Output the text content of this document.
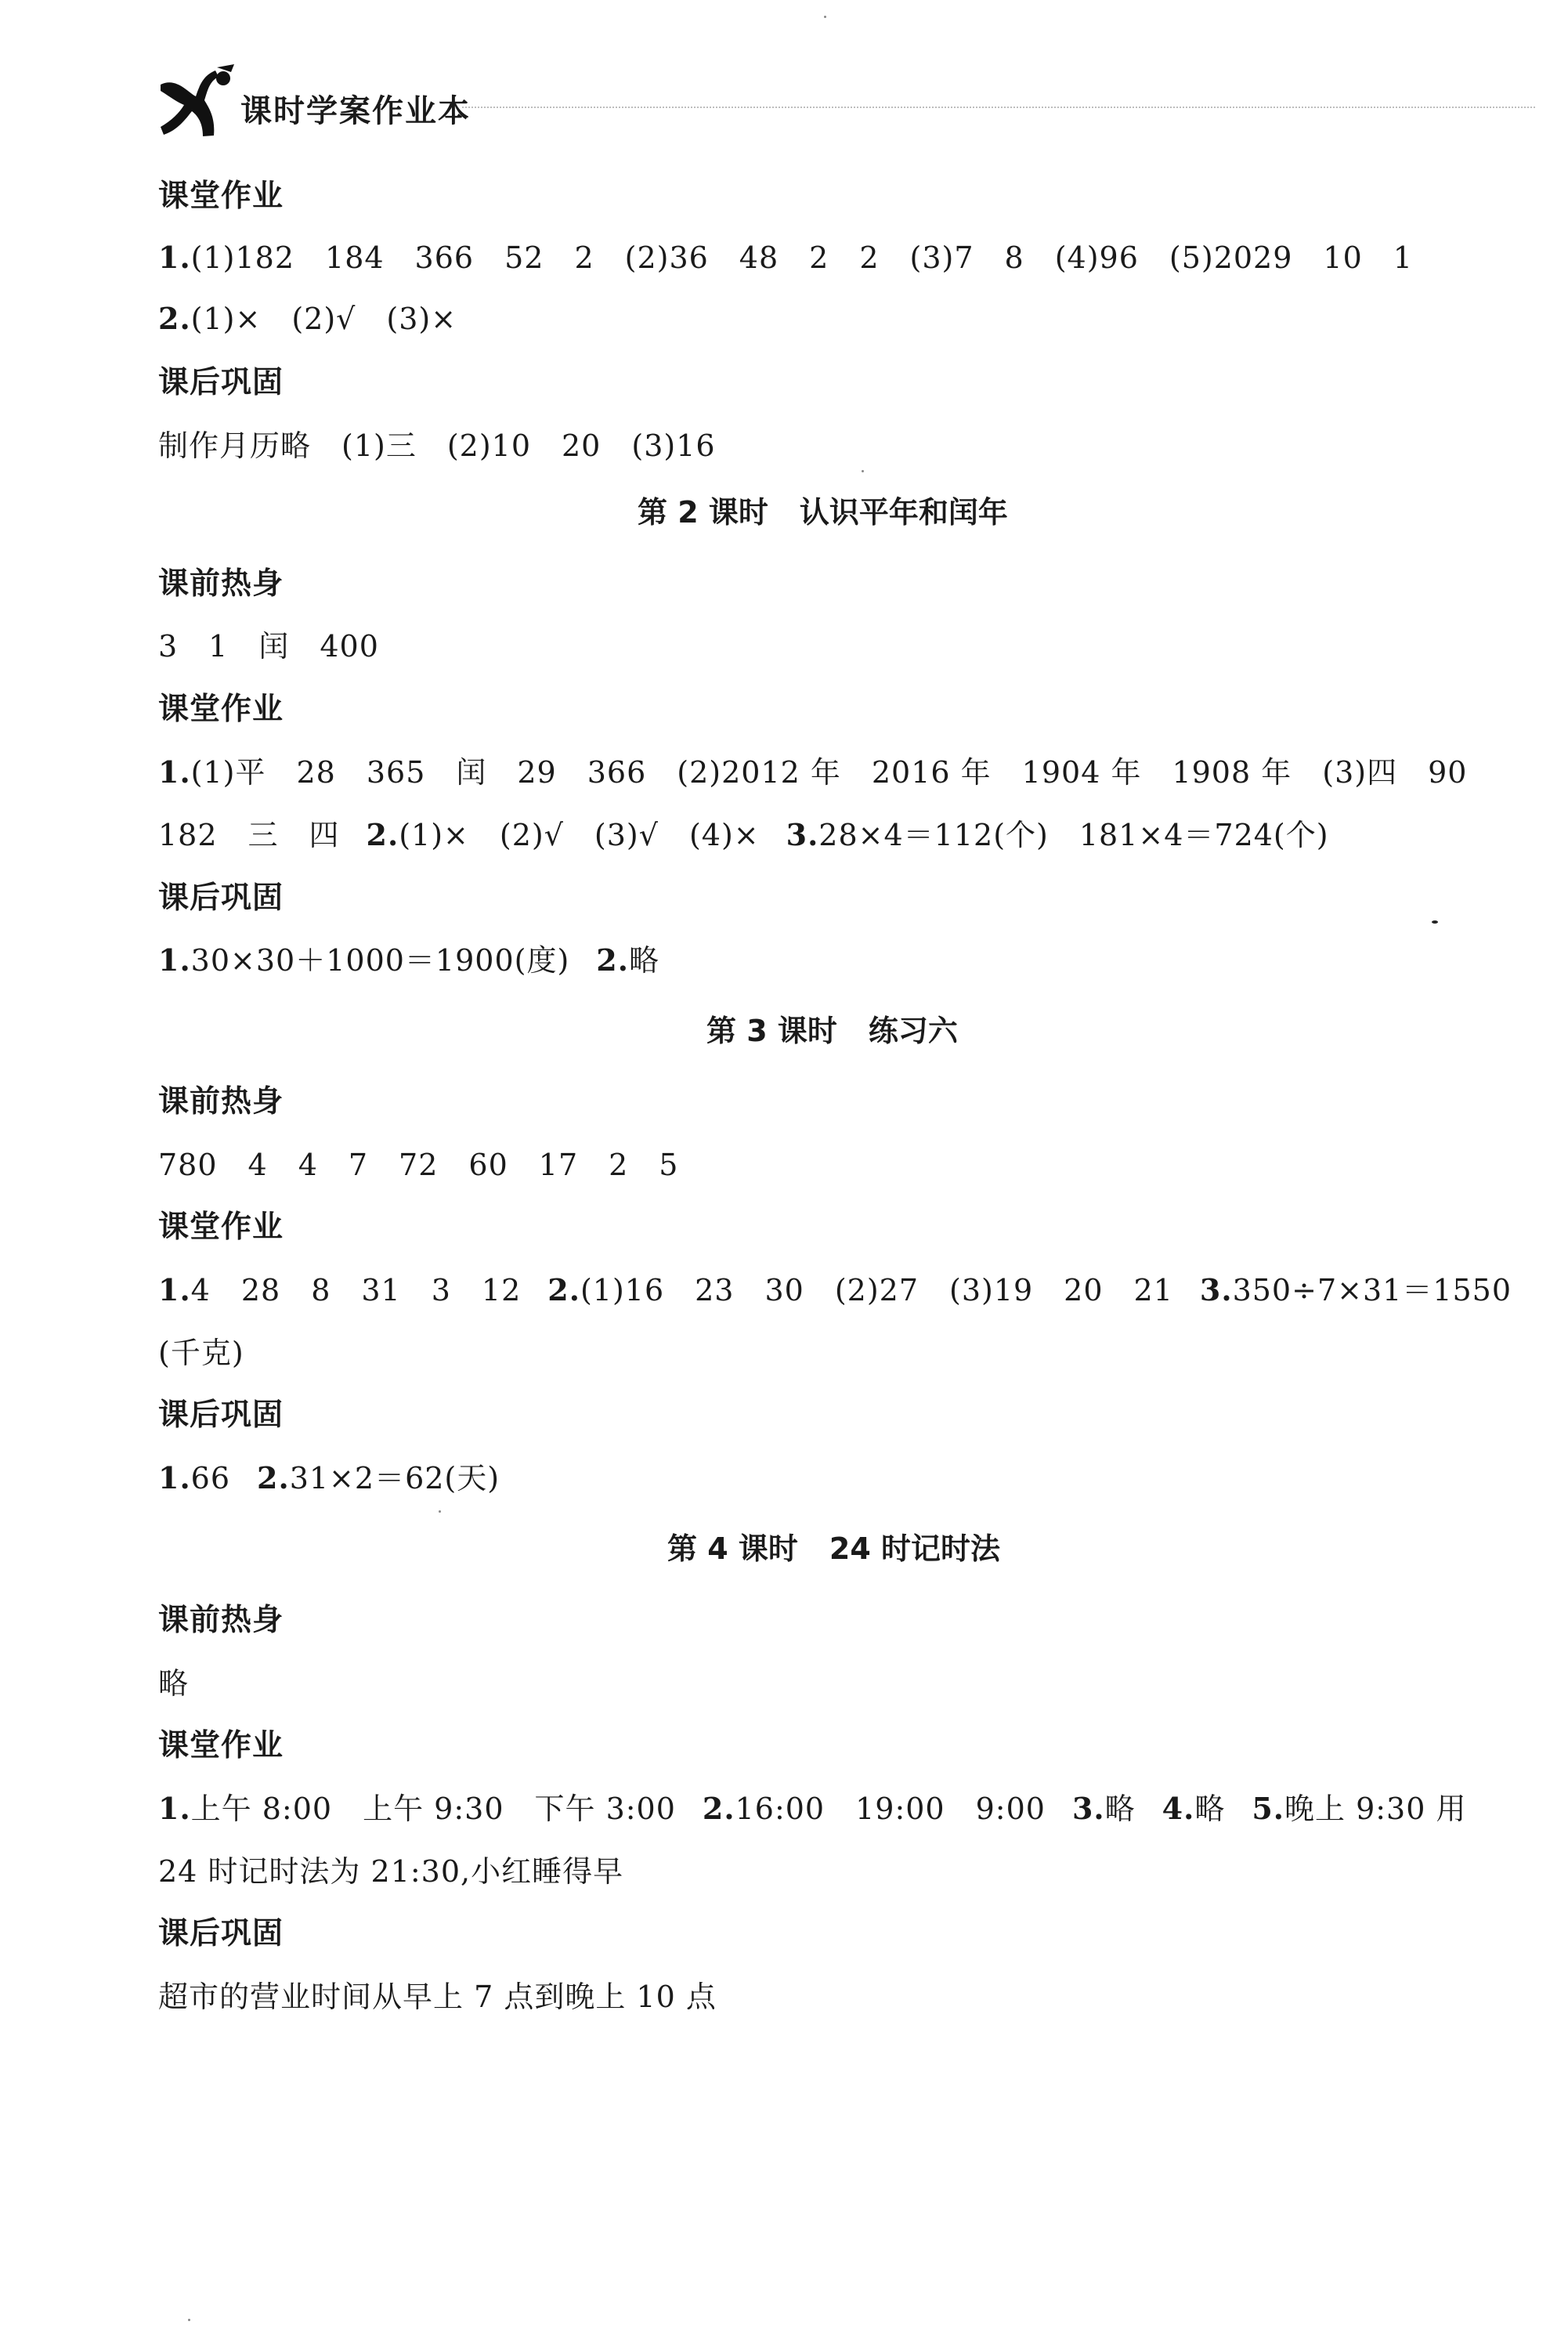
课时学案作业本
课堂作业
1.(1)182　184　366　52　2　(2)36　48　2　2　(3)7　8　(4)96　(5)2029　10　1
2.(1)×　(2)√　(3)×
课后巩固
制作月历略　(1)三　(2)10　20　(3)16
第 2 课时 认识平年和闰年
课前热身
3　1　闰　400
课堂作业
1.(1)平　28　365　闰　29　366　(2)2012 年　2016 年　1904 年　1908 年　(3)四　90
182　三　四 2.(1)×　(2)√　(3)√　(4)× 3.28×4＝112(个)　181×4＝724(个)
课后巩固
1.30×30＋1000＝1900(度) 2.略
第 3 课时 练习六
课前热身
780　4　4　7　72　60　17　2　5
课堂作业
1.4　28　8　31　3　12 2.(1)16　23　30　(2)27　(3)19　20　21 3.350÷7×31＝1550
(千克)
课后巩固
1.66 2.31×2＝62(天)
第 4 课时 24 时记时法
课前热身
略
课堂作业
1.上午 8:00　上午 9:30　下午 3:00 2.16:00　19:00　9:00 3.略 4.略 5.晚上 9:30 用
24 时记时法为 21:30,小红睡得早
课后巩固
超市的营业时间从早上 7 点到晚上 10 点
